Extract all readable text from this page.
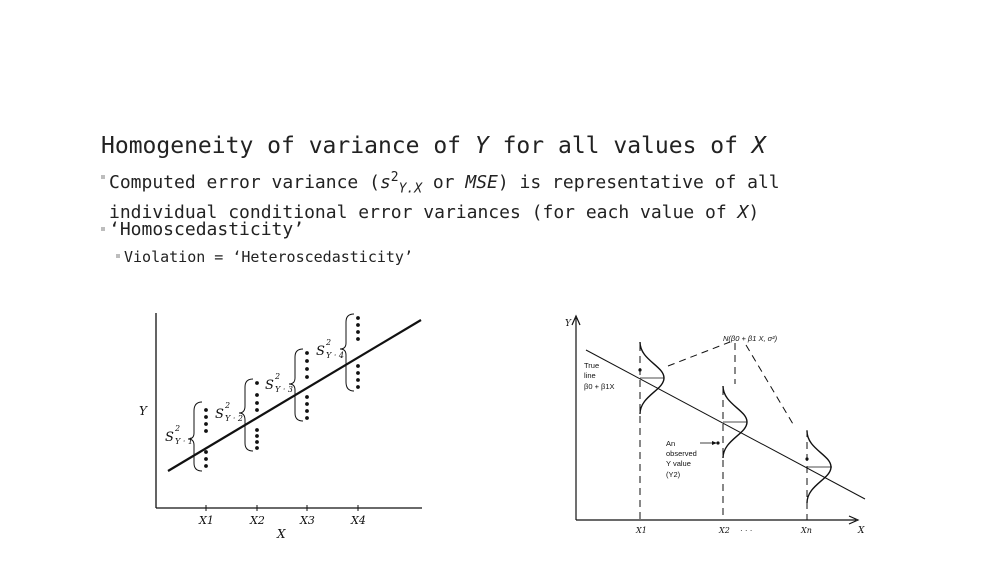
Homogeneity of variance of Y for all values of X
Computed error variance ($s^2_{Y.X}$ or MSE) is representative of all
individual conditional error variances (for each value of X)
‘Homoscedasticity’
Violation = ‘Heteroscedasticity’
S
2
Y · 1
S
2
Y · 2
S
2
Y · 3
S
2
Y · 4
Y
X
X1	X2	X3	X4
Y
X
True
line
β0 + β1X
N(β0 + β1 X, σ²)
An
observed
Y value
(Y2)
X1	X2 · · ·	Xn
